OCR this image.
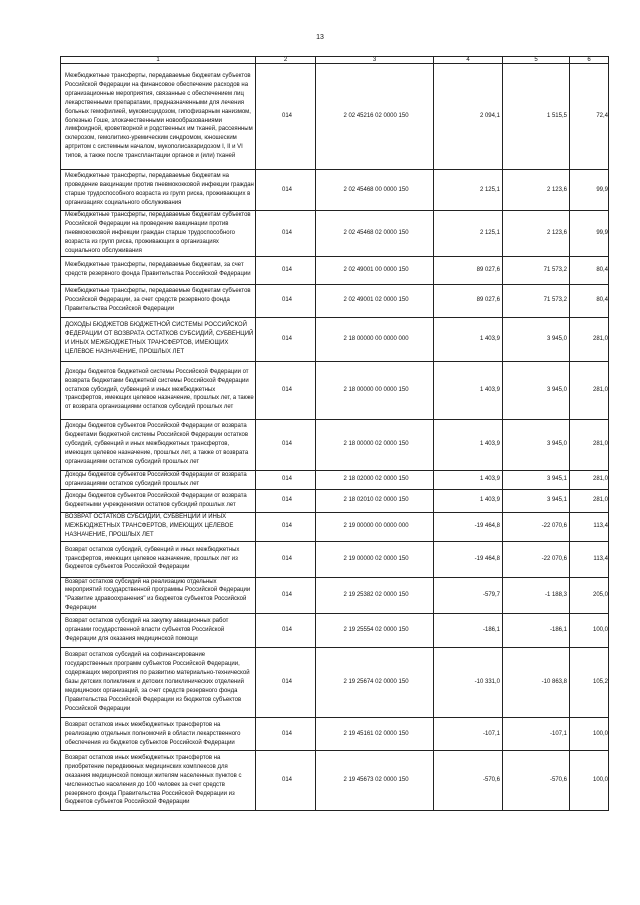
13
1	2	3	4	5	6
Межбюджетные трансферты, передаваемые бюджетам субъектов Российской Федерации на финансовое обеспечение расходов на организационные мероприятия, связанные с обеспечением лиц лекарственными препаратами, предназначенными для лечения больных гемофилией, муковисцидозом, гипофизарным нанизмом, болезнью Гоше, злокачественными новообразованиями лимфоидной, кроветворной и родственных им тканей, рассеянным склерозом, гемолитико-уремическим синдромом, юношеским артритом с системным началом, мукополисахаридозом I, II и VI типов, а также после трансплантации органов и (или) тканей	014	2 02 45216 02 0000 150	2 094,1	1 515,5	72,4
Межбюджетные трансферты, передаваемые бюджетам на проведение вакцинации против пневмококковой инфекции граждан старше трудоспособного возраста из групп риска, проживающих в организациях социального обслуживания	014	2 02 45468 00 0000 150	2 125,1	2 123,6	99,9
Межбюджетные трансферты, передаваемые бюджетам субъектов Российской Федерации на проведение вакцинации против пневмококковой инфекции граждан старше трудоспособного возраста из групп риска, проживающих в организациях социального обслуживания	014	2 02 45468 02 0000 150	2 125,1	2 123,6	99,9
Межбюджетные трансферты, передаваемые бюджетам, за счет средств резервного фонда Правительства Российской Федерации	014	2 02 49001 00 0000 150	89 027,6	71 573,2	80,4
Межбюджетные трансферты, передаваемые бюджетам субъектов Российской Федерации, за счет средств резервного фонда Правительства Российской Федерации	014	2 02 49001 02 0000 150	89 027,6	71 573,2	80,4
ДОХОДЫ БЮДЖЕТОВ БЮДЖЕТНОЙ СИСТЕМЫ РОССИЙСКОЙ ФЕДЕРАЦИИ ОТ ВОЗВРАТА ОСТАТКОВ СУБСИДИЙ, СУБВЕНЦИЙ И ИНЫХ МЕЖБЮДЖЕТНЫХ ТРАНСФЕРТОВ, ИМЕЮЩИХ ЦЕЛЕВОЕ НАЗНАЧЕНИЕ, ПРОШЛЫХ ЛЕТ	014	2 18 00000 00 0000 000	1 403,9	3 945,0	281,0
Доходы бюджетов бюджетной системы Российской Федерации от возврата бюджетами бюджетной системы Российской Федерации остатков субсидий, субвенций и иных межбюджетных трансфертов, имеющих целевое назначение, прошлых лет, а также от возврата организациями остатков субсидий прошлых лет	014	2 18 00000 00 0000 150	1 403,9	3 945,0	281,0
Доходы бюджетов субъектов Российской Федерации от возврата бюджетами бюджетной системы Российской Федерации остатков субсидий, субвенций и иных межбюджетных трансфертов, имеющих целевое назначение, прошлых лет, а также от возврата организациями остатков субсидий прошлых лет	014	2 18 00000 02 0000 150	1 403,9	3 945,0	281,0
Доходы бюджетов субъектов Российской Федерации от возврата организациями остатков субсидий прошлых лет	014	2 18 02000 02 0000 150	1 403,9	3 945,1	281,0
Доходы бюджетов субъектов Российской Федерации от возврата бюджетными учреждениями остатков субсидий прошлых лет	014	2 18 02010 02 0000 150	1 403,9	3 945,1	281,0
ВОЗВРАТ ОСТАТКОВ СУБСИДИЙ, СУБВЕНЦИЙ И ИНЫХ МЕЖБЮДЖЕТНЫХ ТРАНСФЕРТОВ, ИМЕЮЩИХ ЦЕЛЕВОЕ НАЗНАЧЕНИЕ, ПРОШЛЫХ ЛЕТ	014	2 19 00000 00 0000 000	-19 464,8	-22 070,6	113,4
Возврат остатков субсидий, субвенций и иных межбюджетных трансфертов, имеющих целевое назначение, прошлых лет из бюджетов субъектов Российской Федерации	014	2 19 00000 02 0000 150	-19 464,8	-22 070,6	113,4
Возврат остатков субсидий на реализацию отдельных мероприятий государственной программы Российской Федерации "Развитие здравоохранения" из бюджетов субъектов Российской Федерации	014	2 19 25382 02 0000 150	-579,7	-1 188,3	205,0
Возврат остатков субсидий на закупку авиационных работ органами государственной власти субъектов Российской Федерации для оказания медицинской помощи	014	2 19 25554 02 0000 150	-186,1	-186,1	100,0
Возврат остатков субсидий на софинансирование государственных программ субъектов Российской Федерации, содержащих мероприятия по развитию материально-технической базы детских поликлиник и детских поликлинических отделений медицинских организаций, за счет средств резервного фонда Правительства Российской Федерации из бюджетов субъектов Российской Федерации	014	2 19 25674 02 0000 150	-10 331,0	-10 863,8	105,2
Возврат остатков иных межбюджетных трансфертов на реализацию отдельных полномочий в области лекарственного обеспечения из бюджетов субъектов Российской Федерации	014	2 19 45161 02 0000 150	-107,1	-107,1	100,0
Возврат остатков иных межбюджетных трансфертов на приобретение передвижных медицинских комплексов для оказания медицинской помощи жителям населенных пунктов с численностью населения до 100 человек за счет средств резервного фонда Правительства Российской Федерации из бюджетов субъектов Российской Федерации	014	2 19 45673 02 0000 150	-570,6	-570,6	100,0
